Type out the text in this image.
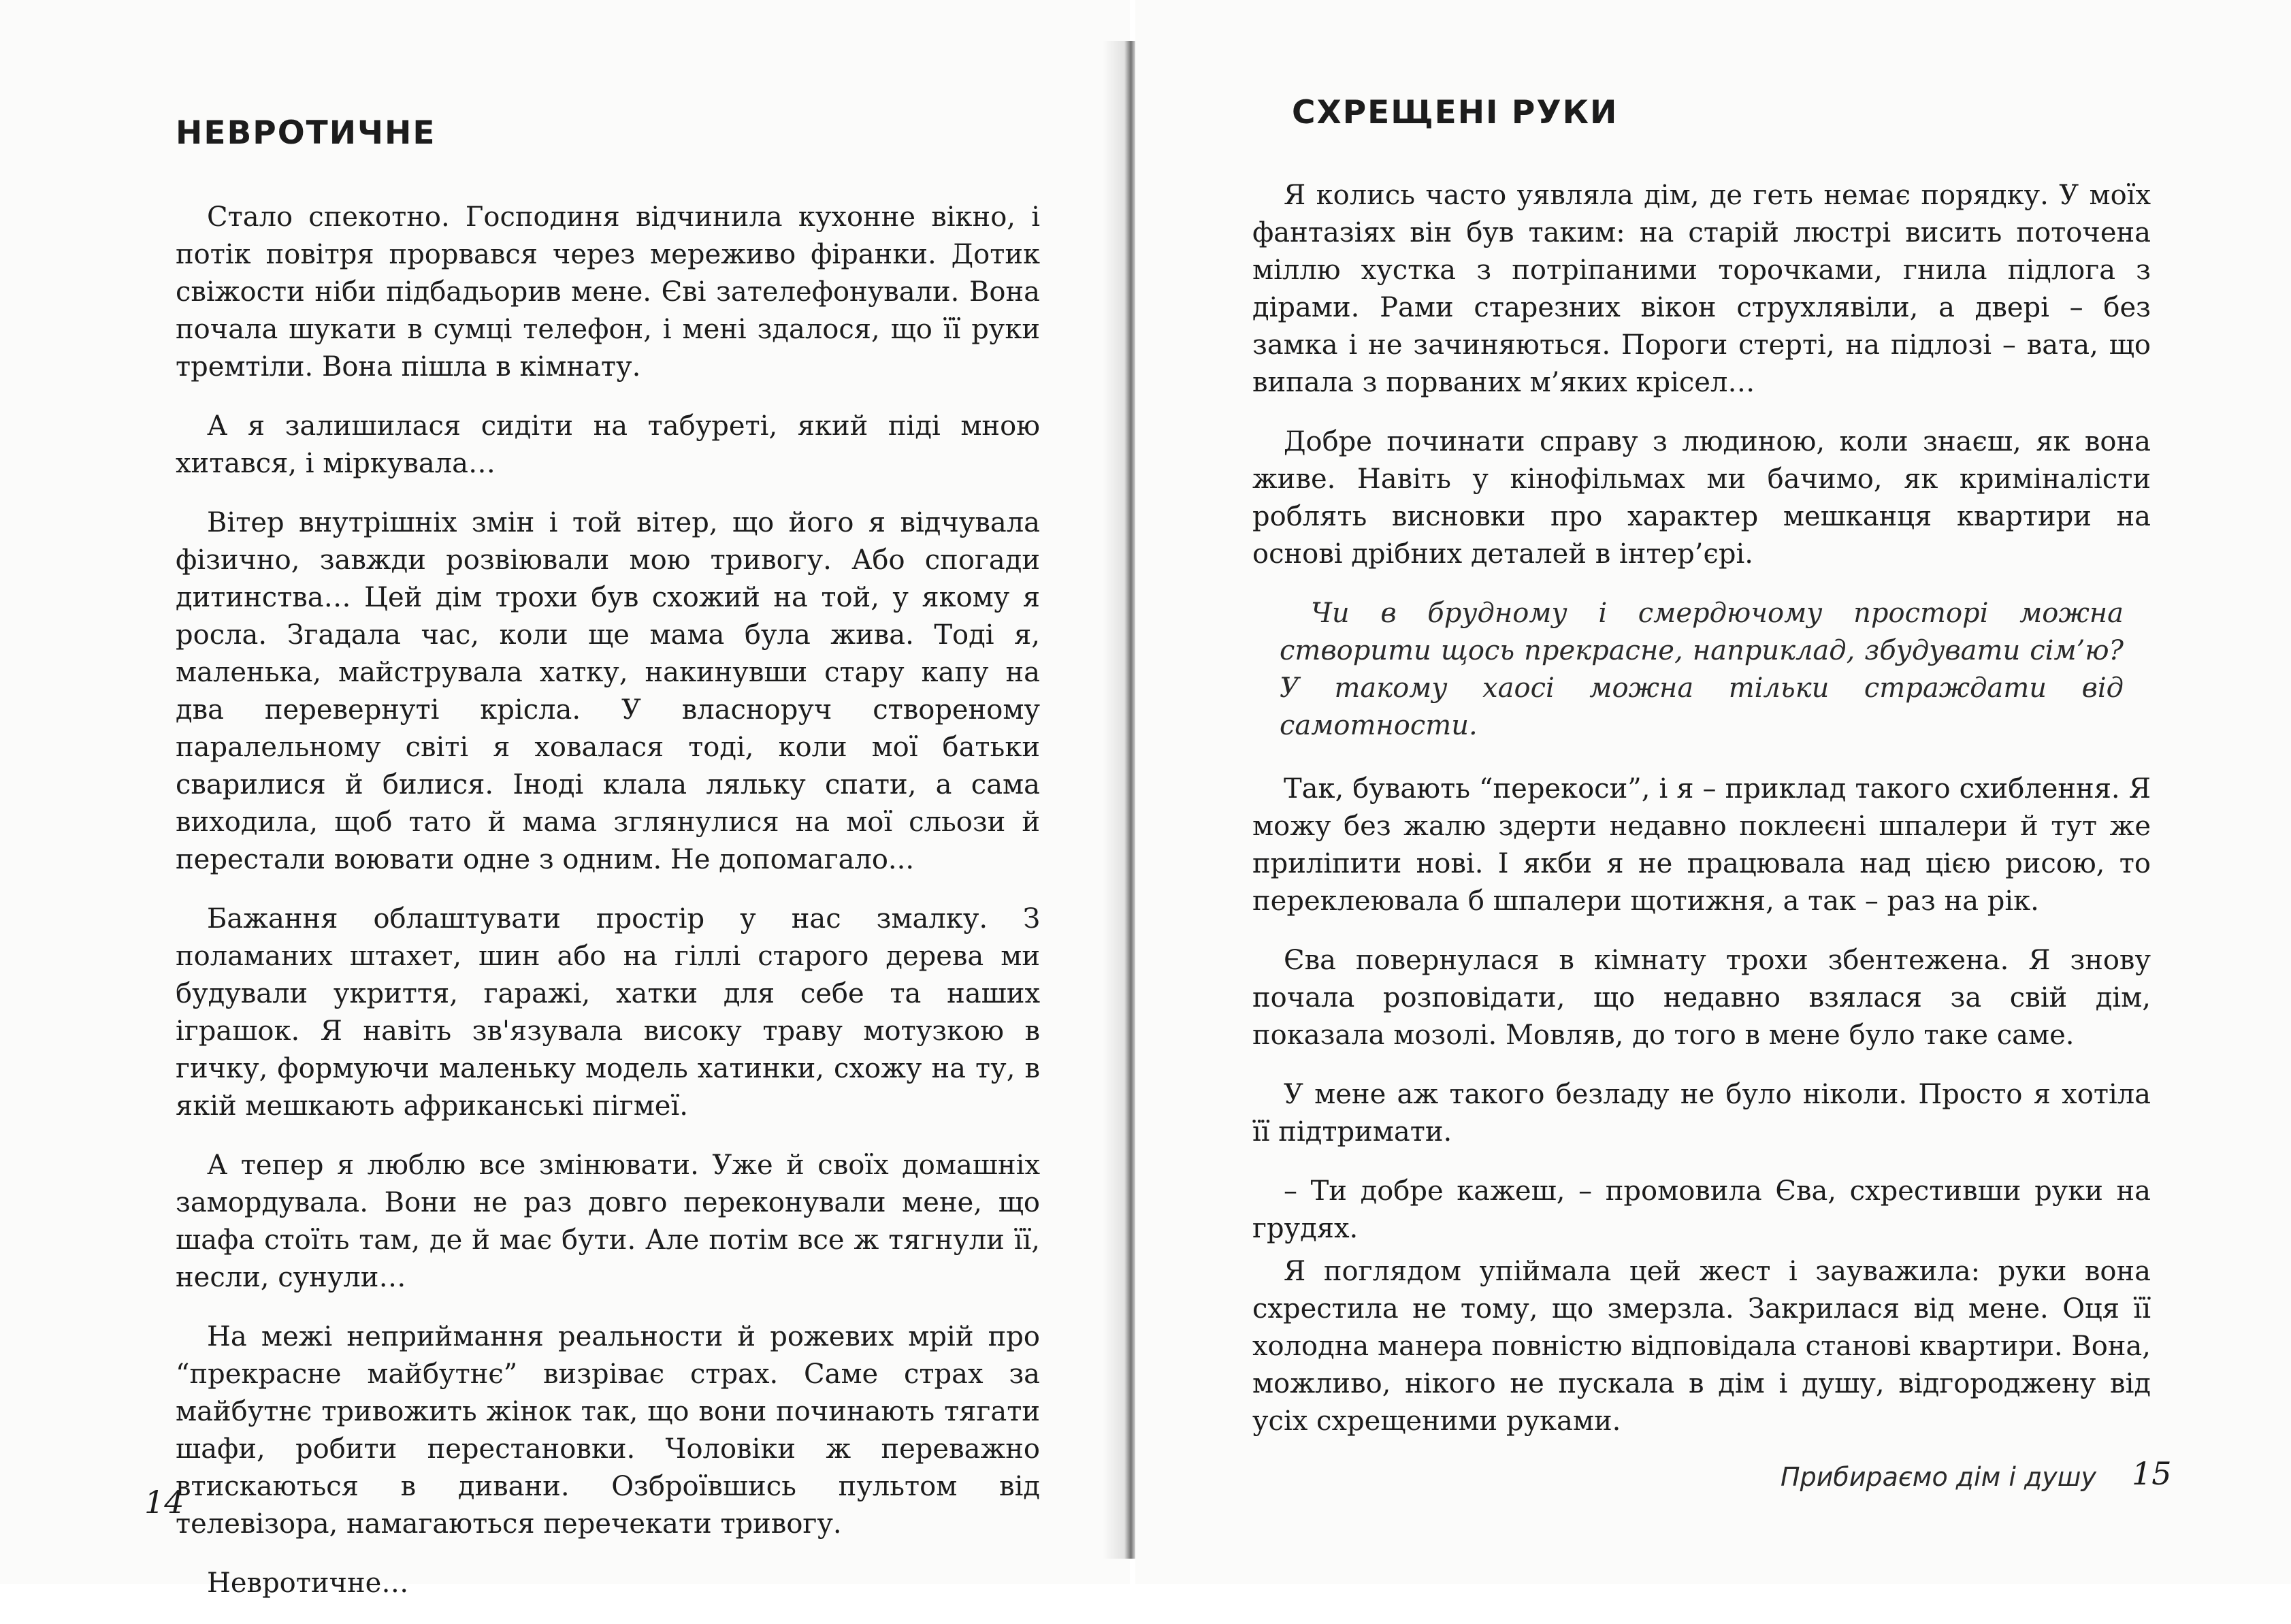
НЕВРОТИЧНЕ

Стало спекотно. Господиня відчинила кухонне вікно, і потік повітря прорвався через мереживо фіранки. Дотик свіжости ніби підбадьорив мене. Єві зателефонували. Вона почала шукати в сумці телефон, і мені здалося, що її руки тремтіли. Вона пішла в кімнату.

А я залишилася сидіти на табуреті, який піді мною хитався, і міркувала…

Вітер внутрішніх змін і той вітер, що його я відчувала фізично, завжди розвіювали мою тривогу. Або спогади дитинства… Цей дім трохи був схожий на той, у якому я росла. Згадала час, коли ще мама була жива. Тоді я, маленька, майструвала хатку, накинувши стару капу на два перевернуті крісла. У власноруч створеному паралельному світі я ховалася тоді, коли мої батьки сварилися й билися. Іноді клала ляльку спати, а сама виходила, щоб тато й мама зглянулися на мої сльози й перестали воювати одне з одним. Не допомагало...

Бажання облаштувати простір у нас змалку. З поламаних штахет, шин або на гіллі старого дерева ми будували укриття, гаражі, хатки для себе та наших іграшок. Я навіть зв'язувала високу траву мотузкою в гичку, формуючи маленьку модель хатинки, схожу на ту, в якій мешкають африканські пігмеї.

А тепер я люблю все змінювати. Уже й своїх домашніх замордувала. Вони не раз довго переконували мене, що шафа стоїть там, де й має бути. Але потім все ж тягнули її, несли, сунули…

На межі неприймання реальности й рожевих мрій про “прекрасне майбутнє” визріває страх. Саме страх за майбутнє тривожить жінок так, що вони починають тягати шафи, робити перестановки. Чоловіки ж переважно втискаються в дивани. Озброївшись пультом від телевізора, намагаються перечекати тривогу.

Невротичне…

14
СХРЕЩЕНІ РУКИ

Я колись часто уявляла дім, де геть немає порядку. У моїх фантазіях він був таким: на старій люстрі висить поточена міллю хустка з потріпаними торочками, гнила підлога з дірами. Рами старезних вікон струхлявіли, а двері – без замка і не зачиняються. Пороги стерті, на підлозі – вата, що випала з порваних м’яких крісел…

Добре починати справу з людиною, коли знаєш, як вона живе. Навіть у кінофільмах ми бачимо, як криміналісти роблять висновки про характер мешканця квартири на основі дрібних деталей в інтер’єрі.

Чи в брудному і смердючому просторі можна створити щось прекрасне, наприклад, збудувати сім’ю? У такому хаосі можна тільки страждати від самотности.

Так, бувають “перекоси”, і я – приклад такого схиблення. Я можу без жалю здерти недавно поклеєні шпалери й тут же приліпити нові. І якби я не працювала над цією рисою, то переклеювала б шпалери щотижня, а так – раз на рік.

Єва повернулася в кімнату трохи збентежена. Я знову почала розповідати, що недавно взялася за свій дім, показала мозолі. Мовляв, до того в мене було таке саме.

У мене аж такого безладу не було ніколи. Просто я хотіла її підтримати.

– Ти добре кажеш, – промовила Єва, схрестивши руки на грудях.

Я поглядом упіймала цей жест і зауважила: руки вона схрестила не тому, що змерзла. Закрилася від мене. Оця її холодна манера повністю відповідала станові квартири. Вона, можливо, нікого не пускала в дім і душу, відгороджену від усіх схрещеними руками.

Прибираємо дім і душу 15
